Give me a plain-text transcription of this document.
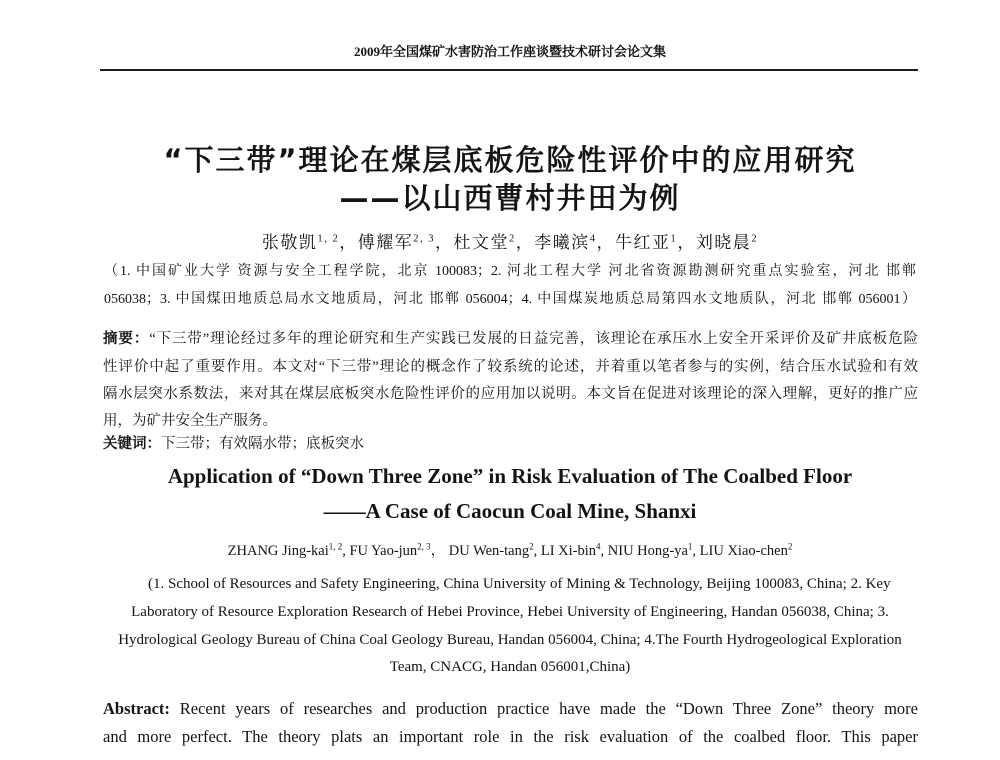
2009年全国煤矿水害防治工作座谈暨技术研讨会论文集
“下三带”理论在煤层底板危险性评价中的应用研究
——以山西曹村井田为例
张敬凯$^{1, 2}$，傅耀军$^{2, 3}$，杜文堂$^2$，李曦滨$^4$，牛红亚$^1$，刘晓晨$^2$
（1. 中国矿业大学 资源与安全工程学院，北京 100083；2. 河北工程大学 河北省资源勘测研究重点实验室，河北 邯郸
056038；3. 中国煤田地质总局水文地质局，河北 邯郸 056004；4. 中国煤炭地质总局第四水文地质队，河北 邯郸 056001）
摘要：“下三带”理论经过多年的理论研究和生产实践已发展的日益完善，该理论在承压水上安全开采评价及矿井底板危险
性评价中起了重要作用。本文对“下三带”理论的概念作了较系统的论述，并着重以笔者参与的实例，结合压水试验和有效
隔水层突水系数法，来对其在煤层底板突水危险性评价的应用加以说明。本文旨在促进对该理论的深入理解，更好的推广应
用，为矿井安全生产服务。
关键词：下三带；有效隔水带；底板突水
Application of “Down Three Zone” in Risk Evaluation of The Coalbed Floor
——A Case of Caocun Coal Mine, Shanxi
ZHANG Jing-kai$^{1, 2}$, FU Yao-jun$^{2, 3}$， DU Wen-tang$^2$, LI Xi-bin$^4$, NIU Hong-$ya^1$, LIU Xiao-chen$^2$
(1. School of Resources and Safety Engineering, China University of Mining & Technology, Beijing 100083, China; 2. Key
Laboratory of Resource Exploration Research of Hebei Province, Hebei University of Engineering, Handan 056038, China; 3.
Hydrological Geology Bureau of China Coal Geology Bureau, Handan 056004, China; 4.The Fourth Hydrogeological Exploration
Team, CNACG, Handan 056001,China)
Abstract: Recent years of researches and production practice have made the “Down Three Zone” theory more
and more perfect. The theory plats an important role in the risk evaluation of the coalbed floor. This paper
